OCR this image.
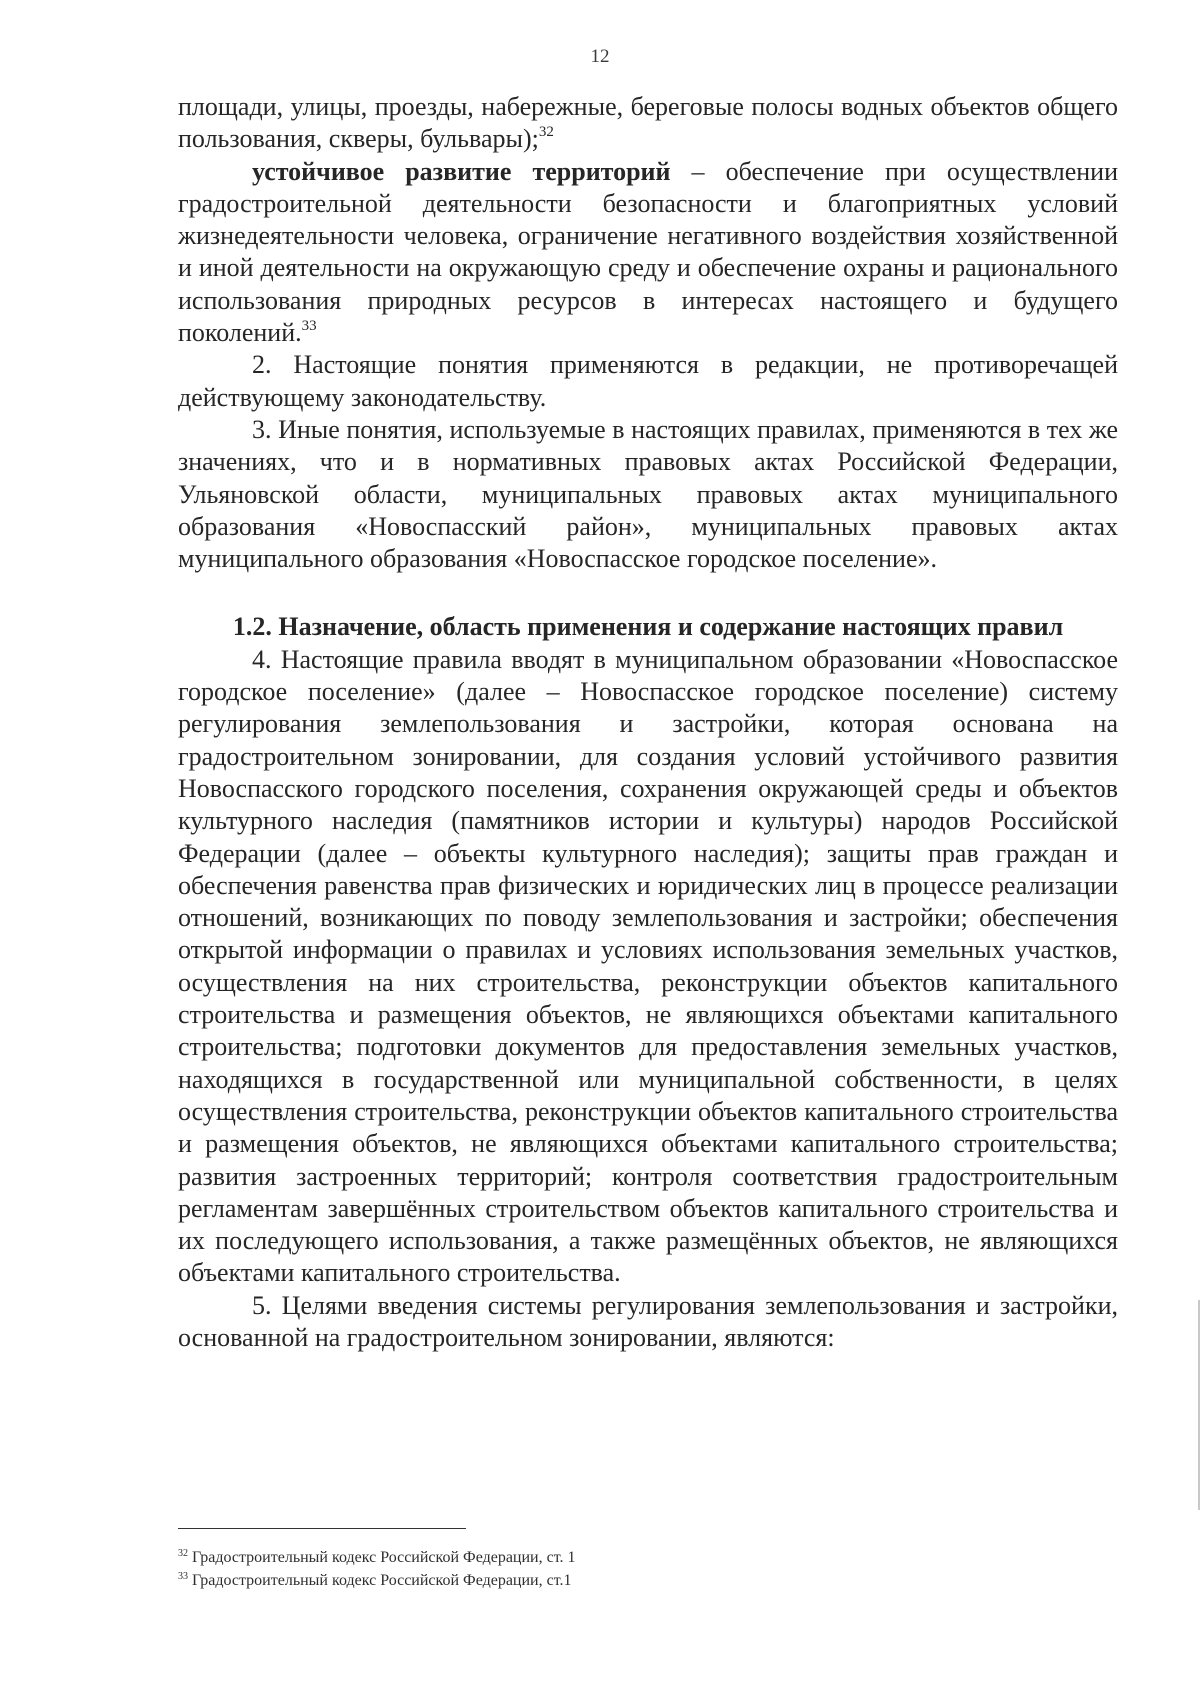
12

площади, улицы, проезды, набережные, береговые полосы водных объектов общего пользования, скверы, бульвары);$^{32}$

устойчивое развитие территорий – обеспечение при осуществлении градостроительной деятельности безопасности и благоприятных условий жизнедеятельности человека, ограничение негативного воздействия хозяйственной и иной деятельности на окружающую среду и обеспечение охраны и рационального использования природных ресурсов в интересах настоящего и будущего поколений.$^{33}$

2. Настоящие понятия применяются в редакции, не противоречащей действующему законодательству.

3. Иные понятия, используемые в настоящих правилах, применяются в тех же значениях, что и в нормативных правовых актах Российской Федерации, Ульяновской области, муниципальных правовых актах муниципального образования «Новоспасский район», муниципальных правовых актах муниципального образования «Новоспасское городское поселение».

1.2. Назначение, область применения и содержание настоящих правил

4. Настоящие правила вводят в муниципальном образовании «Новоспасское городское поселение» (далее – Новоспасское городское поселение) систему регулирования землепользования и застройки, которая основана на градостроительном зонировании, для создания условий устойчивого развития Новоспасского городского поселения, сохранения окружающей среды и объектов культурного наследия (памятников истории и культуры) народов Российской Федерации (далее – объекты культурного наследия); защиты прав граждан и обеспечения равенства прав физических и юридических лиц в процессе реализации отношений, возникающих по поводу землепользования и застройки; обеспечения открытой информации о правилах и условиях использования земельных участков, осуществления на них строительства, реконструкции объектов капитального строительства и размещения объектов, не являющихся объектами капитального строительства; подготовки документов для предоставления земельных участков, находящихся в государственной или муниципальной собственности, в целях осуществления строительства, реконструкции объектов капитального строительства и размещения объектов, не являющихся объектами капитального строительства; развития застроенных территорий; контроля соответствия градостроительным регламентам завершённых строительством объектов капитального строительства и их последующего использования, а также размещённых объектов, не являющихся объектами капитального строительства.

5. Целями введения системы регулирования землепользования и застройки, основанной на градостроительном зонировании, являются:

$^{32}$ Градостроительный кодекс Российской Федерации, ст. 1

$^{33}$ Градостроительный кодекс Российской Федерации, ст.1
